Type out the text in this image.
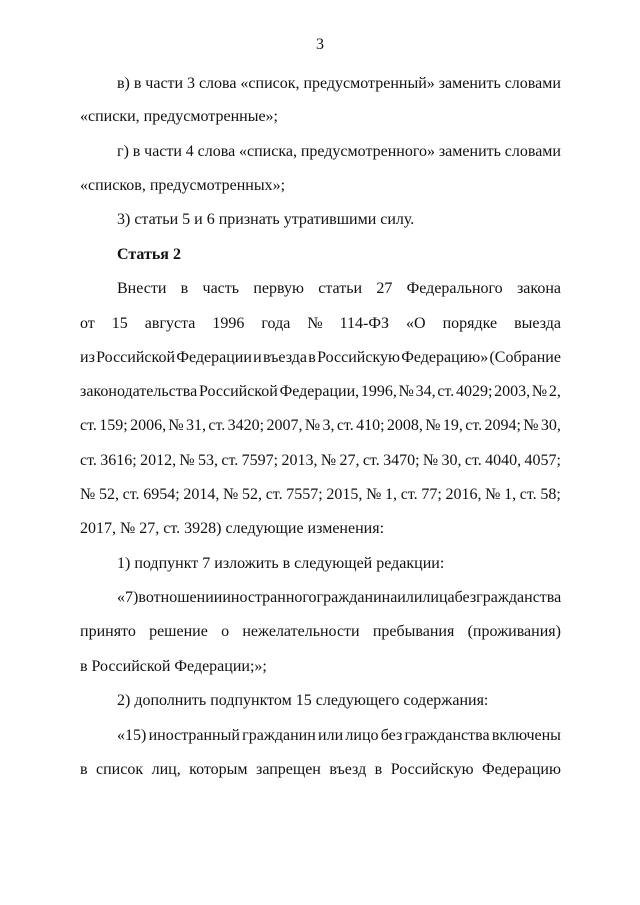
3
в) в части 3 слова «список, предусмотренный» заменить словами
«списки, предусмотренные»;
г) в части 4 слова «списка, предусмотренного» заменить словами
«списков, предусмотренных»;
3) статьи 5 и 6 признать утратившими силу.
Статья 2
Внести в часть первую статьи 27 Федерального закона
от 15 августа 1996 года № 114-ФЗ «О порядке выезда
из Российской Федерации и въезда в Российскую Федерацию» (Собрание
законодательства Российской Федерации, 1996, № 34, ст. 4029; 2003, № 2,
ст. 159; 2006, № 31, ст. 3420; 2007, № 3, ст. 410; 2008, № 19, ст. 2094; № 30,
ст. 3616; 2012, № 53, ст. 7597; 2013, № 27, ст. 3470; № 30, ст. 4040, 4057;
№ 52, ст. 6954; 2014, № 52, ст. 7557; 2015, № 1, ст. 77; 2016, № 1, ст. 58;
2017, № 27, ст. 3928) следующие изменения:
1) подпункт 7 изложить в следующей редакции:
«7) в отношении иностранного гражданина или лица без гражданства
принято решение о нежелательности пребывания (проживания)
в Российской Федерации;»;
2) дополнить подпунктом 15 следующего содержания:
«15) иностранный гражданин или лицо без гражданства включены
в список лиц, которым запрещен въезд в Российскую Федерацию
